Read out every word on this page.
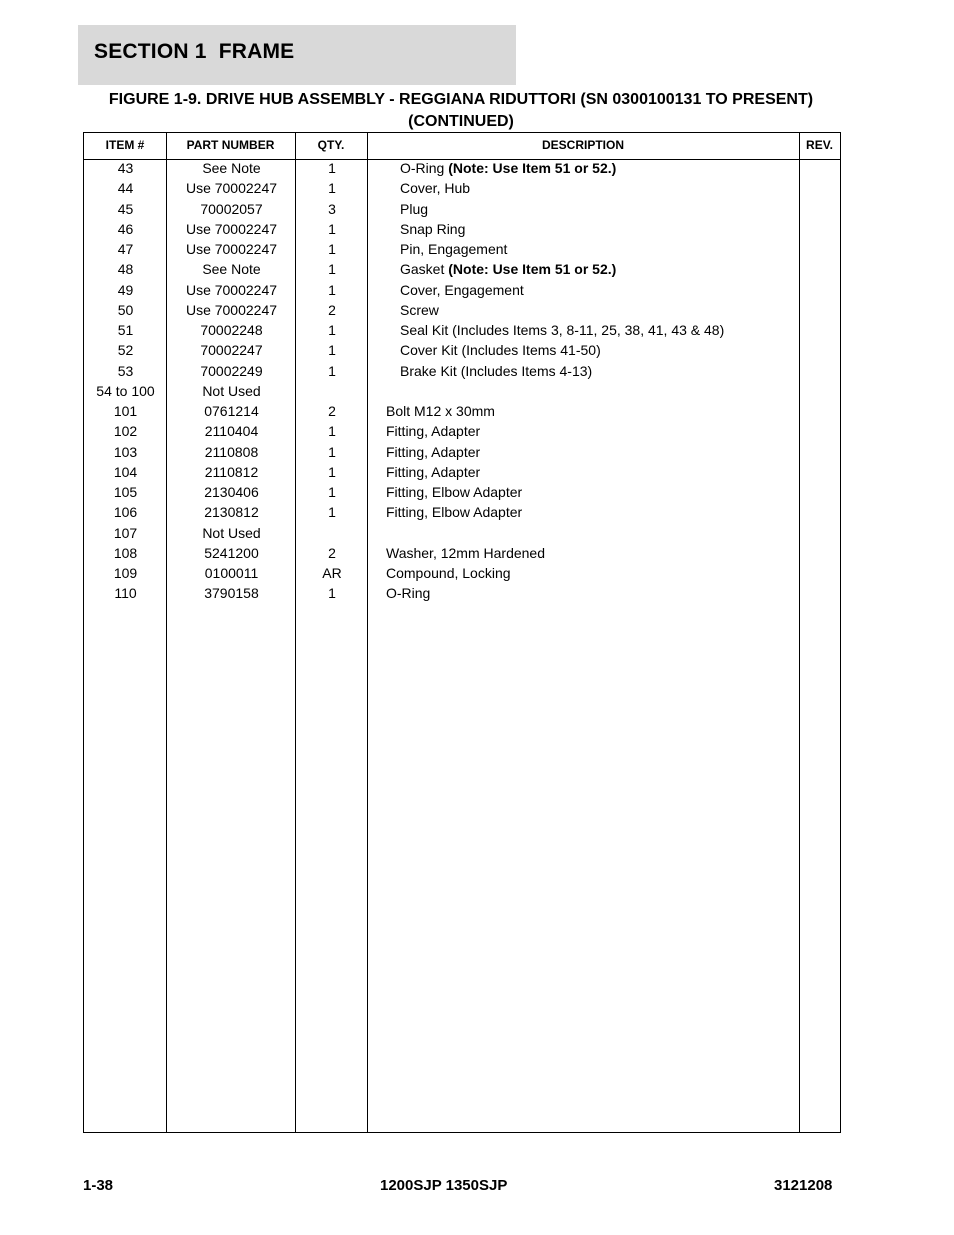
SECTION 1  FRAME
FIGURE 1-9. DRIVE HUB ASSEMBLY - REGGIANA RIDUTTORI (SN 0300100131 TO PRESENT)
(CONTINUED)
ITEM #	PART NUMBER	QTY.	DESCRIPTION	REV.
43	See Note	1	O-Ring (Note: Use Item 51 or 52.)
44	Use 70002247	1	Cover, Hub
45	70002057	3	Plug
46	Use 70002247	1	Snap Ring
47	Use 70002247	1	Pin, Engagement
48	See Note	1	Gasket (Note: Use Item 51 or 52.)
49	Use 70002247	1	Cover, Engagement
50	Use 70002247	2	Screw
51	70002248	1	Seal Kit (Includes Items 3, 8-11, 25, 38, 41, 43 & 48)
52	70002247	1	Cover Kit (Includes Items 41-50)
53	70002249	1	Brake Kit (Includes Items 4-13)
54 to 100	Not Used
101	0761214	2	Bolt M12 x 30mm
102	2110404	1	Fitting, Adapter
103	2110808	1	Fitting, Adapter
104	2110812	1	Fitting, Adapter
105	2130406	1	Fitting, Elbow Adapter
106	2130812	1	Fitting, Elbow Adapter
107	Not Used
108	5241200	2	Washer, 12mm Hardened
109	0100011	AR	Compound, Locking
110	3790158	1	O-Ring
1-38	1200SJP 1350SJP	3121208
